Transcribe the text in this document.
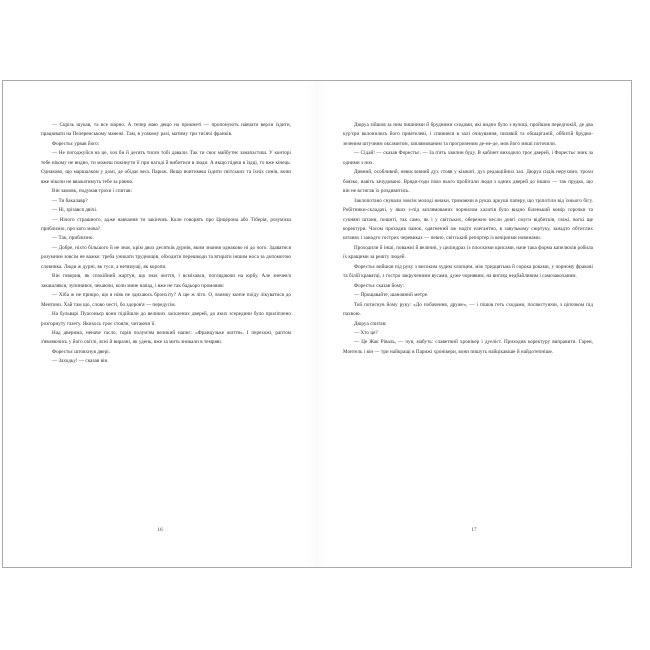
— Скрізь шукав, та все марно. А тепер маю дещо на прикметі — пропонують навчати верхи їздити, працювати на Пелеренському манежі. Там, в усякому разі, матиму три тисячі франків.

Форестьє урвав його:

— Не погоджуйся на це, хоч би й десять тисяч тобі давали. Так ти своє майбутнє занапастиш. У конторі тебе нікому не видно, ти можеш покинути її при нагоді й вибитися в люди. А якщо підеш в їздці, то вже кінець. Однаково, що маршалком у домі, де обідає весь Париж. Якщо вчитимеш їздити світських та їхніх синів, вони вже ніколи не вважатимуть тебе за рівню.

Він замовк, подумав трохи і спитав:

— Ти бакалавр?

— Ні, зрізався двічі.

— Нічого страшного, адже навчання ти закінчив. Коли говорять про Цицерона або Тіберія, розумієш приблизно, про кого мова?

— Так, приблизно.

— Добре, ніхто більшого й не знає, крім двох десятків дурнів, яким знання однаково ні до чого. Здаватися розумним зовсім не важко: треба уникати труднощів, обходити перешкоди та втирати іншим носа за допомогою словника. Люди ж дурні, як гуси, а нетямущі, як коропи.

Він говорив, як спокійний жартун, що знає життя, і всміхався, поглядаючи на юрбу. Але знечев'я закашлявся, зупинився, чекаючи, коли мине напад, і вже не так бадьоро промовив:

— Хіба ж не прикро, що я ніяк не здихаюсь бронхіту? А ще ж літо. О, взимку конче поїду лікуватися до Ментони. Хай там що, слово честі, бо здоров'я — передусім.

На бульварі Пуасоньєр вони підійшли до великих засклених дверей, до яких зсередини було приліплено розгорнуту газету. Якихось троє стояли, читаючи її.

Над дверима, неначе гасло, горів полум'ям великий напис: «Французьке життя». І перехожі, раптом з'являючись у його світлі, ясні й виразні, як удень, вже за мить зникали в темряві.

Форестьє штовхнув двері.

— Заходьу! — сказав він.

16

Дюруа зійшов за ним пишними й брудними сходами, які видно було з вулиці, пройшов передпокій, де два кур'єри вклонились його приятелеві, і спинився в залі очікування, пилявій та обшарганій, оббитій брудно-зеленим штучним оксамитом, заплямованим та прогризеним де-не-де, мов його миші поточили.

— Сідай! — сказав Форестьє. — За п'ять хвилин буду. В кабінет виходило троє дверей, і Форестьє зник за одними з них.

Дивний, особливий, невисловний дух стояв у кімнаті, дух редакційних зал. Дюруа сидів нерухомо, трохи боязко, навіть зачудовано. Вряди-годи повз нього пробігали люди з одних дверей до інших — так прудко, що він не встигав їх роздивитись.

Заклопотано снували зовсім молоді юнаки, тримаючи в руках аркуші паперу, що тріпотіли від їхнього бігу. Робітники-складачі, у яких з-під заплямованих чорнилом халатів було видно біленький комір сорочки та сукняні штани, пошиті, так само, як і у світських, обережно несли довгі смуги відбитків, свіжі, вогкі ще коректури. Часом проходив панок, одягнений аж надто елегантно, в завузькому сюртуку, занадто обтислих штанях і занадто гострих черевиках — певно, світський репортер із вечірніми новинами.

Проходили й інші, поважні й величні, у циліндрах із плоскими крисами, наче така форма капелюхів робила їх кращими за решту людей.

Форестьє вийшов під руку з високим худим хлопцем, між тридцятьма й сорока роками, у чорному фракові та білій краватці, з гостро закрученими вусами, дуже чорнявим, на вигляд недбайливим і самозакоханим.

Форестьє сказав йому:

— Прощавайте, шановний метре.

Той потиснув йому руку: «До побачення, друже», — і пішов геть сходами, посвистуючи, з ціпочком під пахвою.

Дюруа спитав:

— Хто це?

— Це Жак Ріваль, — чув, мабуть: славетний хронікер і дуеліст. Приходив коректуру виправити. Гарен, Монтель і він — три найкращі в Парижі хронікери, вони пишуть найцікавіше й найдотепніше.

17
